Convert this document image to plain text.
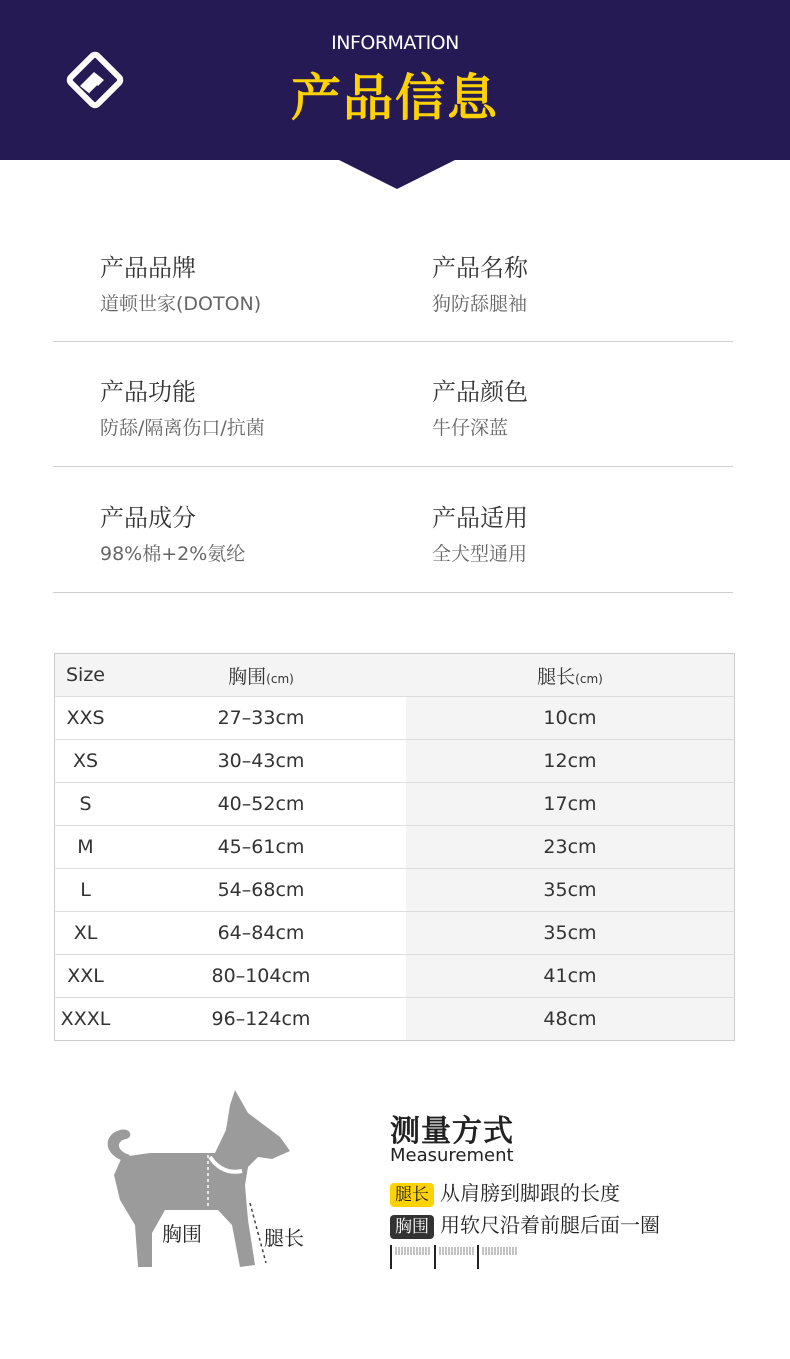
INFORMATION
产品信息
产品品牌
道顿世家(DOTON)
产品名称
狗防舔腿袖
产品功能
防舔/隔离伤口/抗菌
产品颜色
牛仔深蓝
产品成分
98%棉+2%氨纶
产品适用
全犬型通用
Size	胸围(cm)	腿长(cm)
XXS	27–33cm	10cm
XS	30–43cm	12cm
S	40–52cm	17cm
M	45–61cm	23cm
L	54–68cm	35cm
XL	64–84cm	35cm
XXL	80–104cm	41cm
XXXL	96–124cm	48cm
胸围	腿长
测量方式
Measurement
腿长 从肩膀到脚跟的长度
胸围 用软尺沿着前腿后面一圈
